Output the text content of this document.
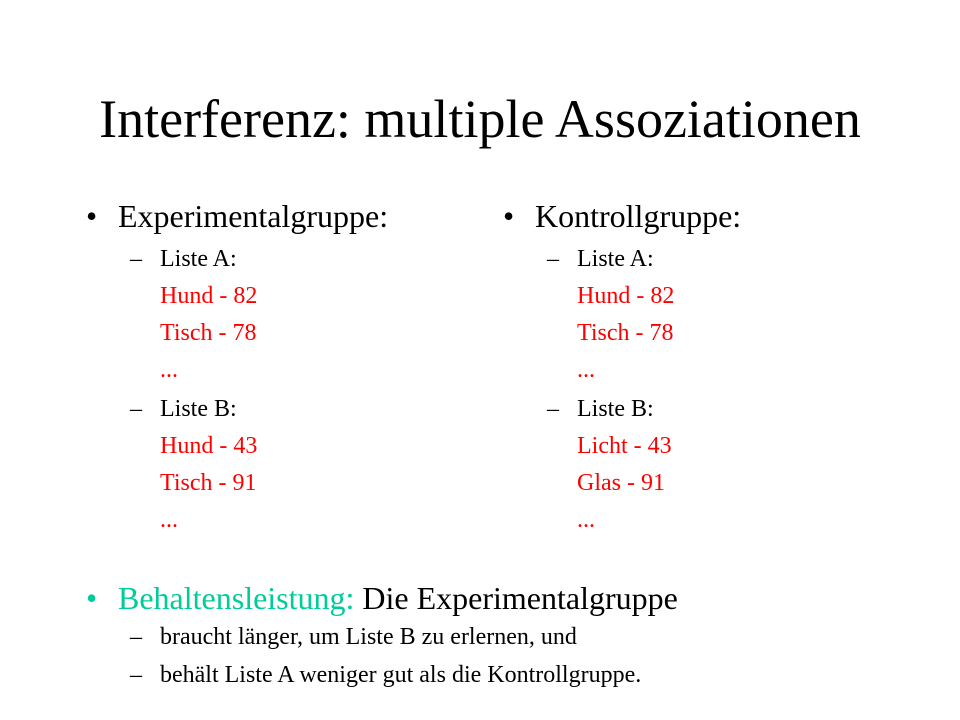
Interferenz: multiple Assoziationen
• Experimentalgruppe:
– Liste A:
Hund - 82
Tisch - 78
...
– Liste B:
Hund - 43
Tisch - 91
...
• Kontrollgruppe:
– Liste A:
Hund - 82
Tisch - 78
...
– Liste B:
Licht - 43
Glas - 91
...
• Behaltensleistung: Die Experimentalgruppe
– braucht länger, um Liste B zu erlernen, und
– behält Liste A weniger gut als die Kontrollgruppe.
